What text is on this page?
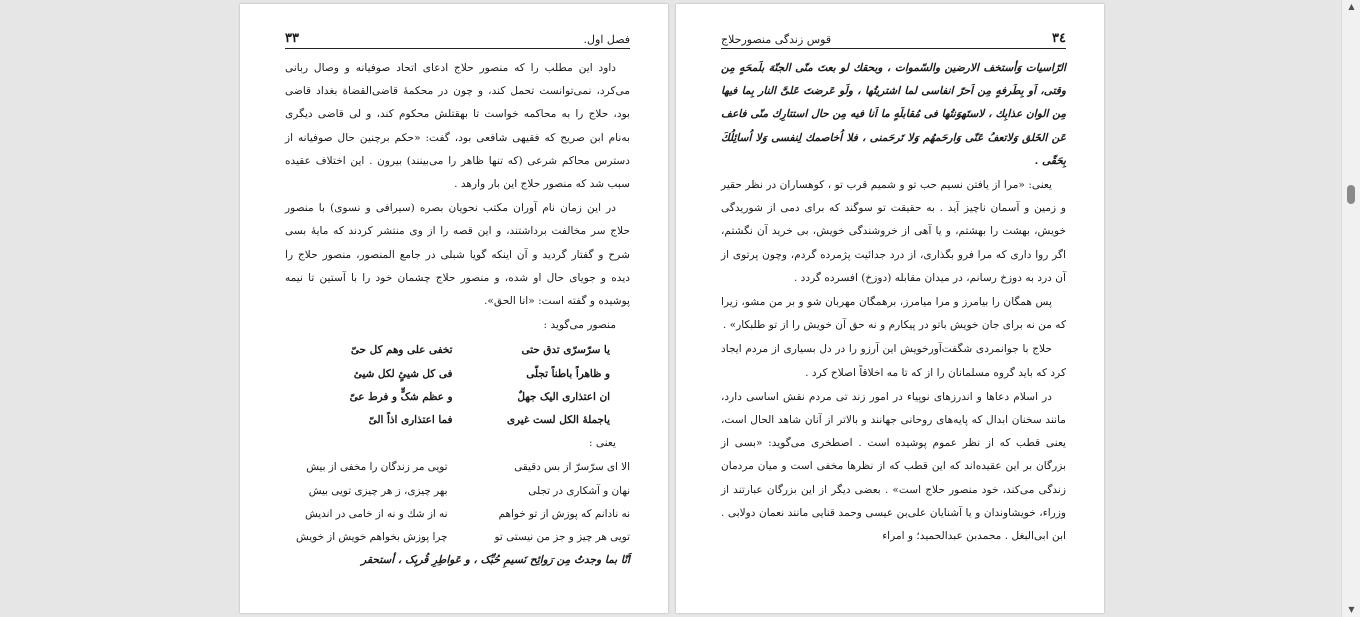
فصل اول.
۳۳

داود این مطلب را که منصور حلاج ادعای اتحاد صوفیانه و وصال ربانی می‌کرد، نمی‌توانست تحمل کند، و چون در محکمهٔ قاضی‌القضاة بغداد قاضی بود، حلاج را به محاکمه خواست تا بهقتلش محکوم کند، و لی قاضی دیگری به‌نام ابن صریح که فقیهی شافعی بود، گفت: «حکم برچنین حال صوفیانه از دسترس محاکم شرعی (که تنها ظاهر را می‌بینند) بیرون . این اختلاف عقیده سبب شد که منصور حلاج این بار وارهد .

در این زمان نام آوران مکتب نحویان بصره (سیرافی و نسوی) با منصور حلاج سر مخالفت برداشتند، و این قصه را از وی منتشر کردند که مایهٔ بسی شرح و گفتار گردید و آن اینکه گویا شبلی در جامع المنصور، منصور حلاج را دیده و جویای حال او شده، و منصور حلاج چشمان خود را با آستین تا نیمه پوشیده و گفته است: «انا الحق».

منصور می‌گوید :

یا سرّسرّی تدق حتی
تخفی علی وهم کل حیّ
و ظاهراً باطناً تجلّی
فی کل شیئٍ لکل شیئ
ان اعتذاری الیک جهلٌ
و عظم شکٍّ و فرط عیّ
یاجملهٔ الکل لست غیری
فما اعتذاری اذاً الیّ

یعنی :

الا ای سرّسرّ از بس دقیقی
تویی مر زندگان را مخفی از بیش
نهان و آشکاری در تجلی
بهر چیزی، ز هر چیزی تویی بیش
نه نادانم که پوزش از تو خواهم
نه از شك و نه از خامی در اندیش
تویی هر چیز و جز من نیستی تو
چرا پوزش بخواهم خویش از خویش

اَنّا بما وجدتُ مِن رَوائِح نَسیمِ حُبِّک ، و عَواطِرِ قُربِک ، أستحقر

۳٤
قوس زندگی منصورحلاج

الرّاسیات وَأستخف الارضین والسّموات ، وبحقك لو بعتَ منّی الجنّهَ بلَمحَهٍ مِن وقتی، اَو بِطَرفهٍ مِن اَحرّ انفاسی لما اشتریتُها ، ولَو عَرضتَ عَلیَّ النار بِما فیها مِن الوان عذابِك ، لاستَهوَنتُها فی مُقابلَهٍ ما اَنا فیه مِن حال استتارِك منّی فاعف عَن الخَلق وَلاتعفُ عَنّی وَارحَمهُم وَلا تَرحَمنی ، فلا اُخاصمك لِنفسی وَلا اُسائِلُكَ بِحَقّی .

یعنی: «مرا از یافتن نسیم حب تو و شمیم قرب تو ، کوهساران در نظر حقیر و زمین و آسمان ناچیز آید . به حقیقت تو سوگند که برای دمی از شوریدگی خویش، بهشت را بهشتم، و یا آهی از خروشندگی خویش، بی خرید آن نگشتم، اگر روا داری که مرا فرو بگذاری، از درد جدائیت پژمرده گردم، وچون پرتوی از آن درد به دوزخ رسانم، در میدان مقابله (دوزخ) افسرده گردد .

پس همگان را بیامرز و مرا میامرز، برهمگان مهربان شو و بر من مشو، زیرا که من نه برای جان خویش باتو در پیکارم و نه حق آن خویش را از تو طلبکار» .

حلاج با جوانمردی شگفت‌آورخویش این آرزو را در دل بسیاری از مردم ایجاد کرد که باید گروه مسلمانان را از که تا مه اخلاقاً اصلاح کرد .

در اسلام دعاها و اندرزهای نوپیاء در امور زند تی مردم نقش اساسی دارد، مانند سخنان ابدال که پایه‌های روحانی جهانند و بالاتر از آنان شاهد الحال است، یعنی قطب که از نظر عموم پوشیده است . اصطخری می‌گوید: «بسی از بزرگان بر این عقیده‌اند که این قطب که از نظرها مخفی است و میان مردمان زندگی می‌کند، خود منصور حلاج است» . بعضی دیگر از این بزرگان عبارتند از وزراء، خویشاوندان و یا آشنایان علی‌بن عیسی وحمد قنایی مانند نعمان دولابی . ابن ابی‌البغل . محمدبن عبدالحمید؛ و امراء

▲
▼
